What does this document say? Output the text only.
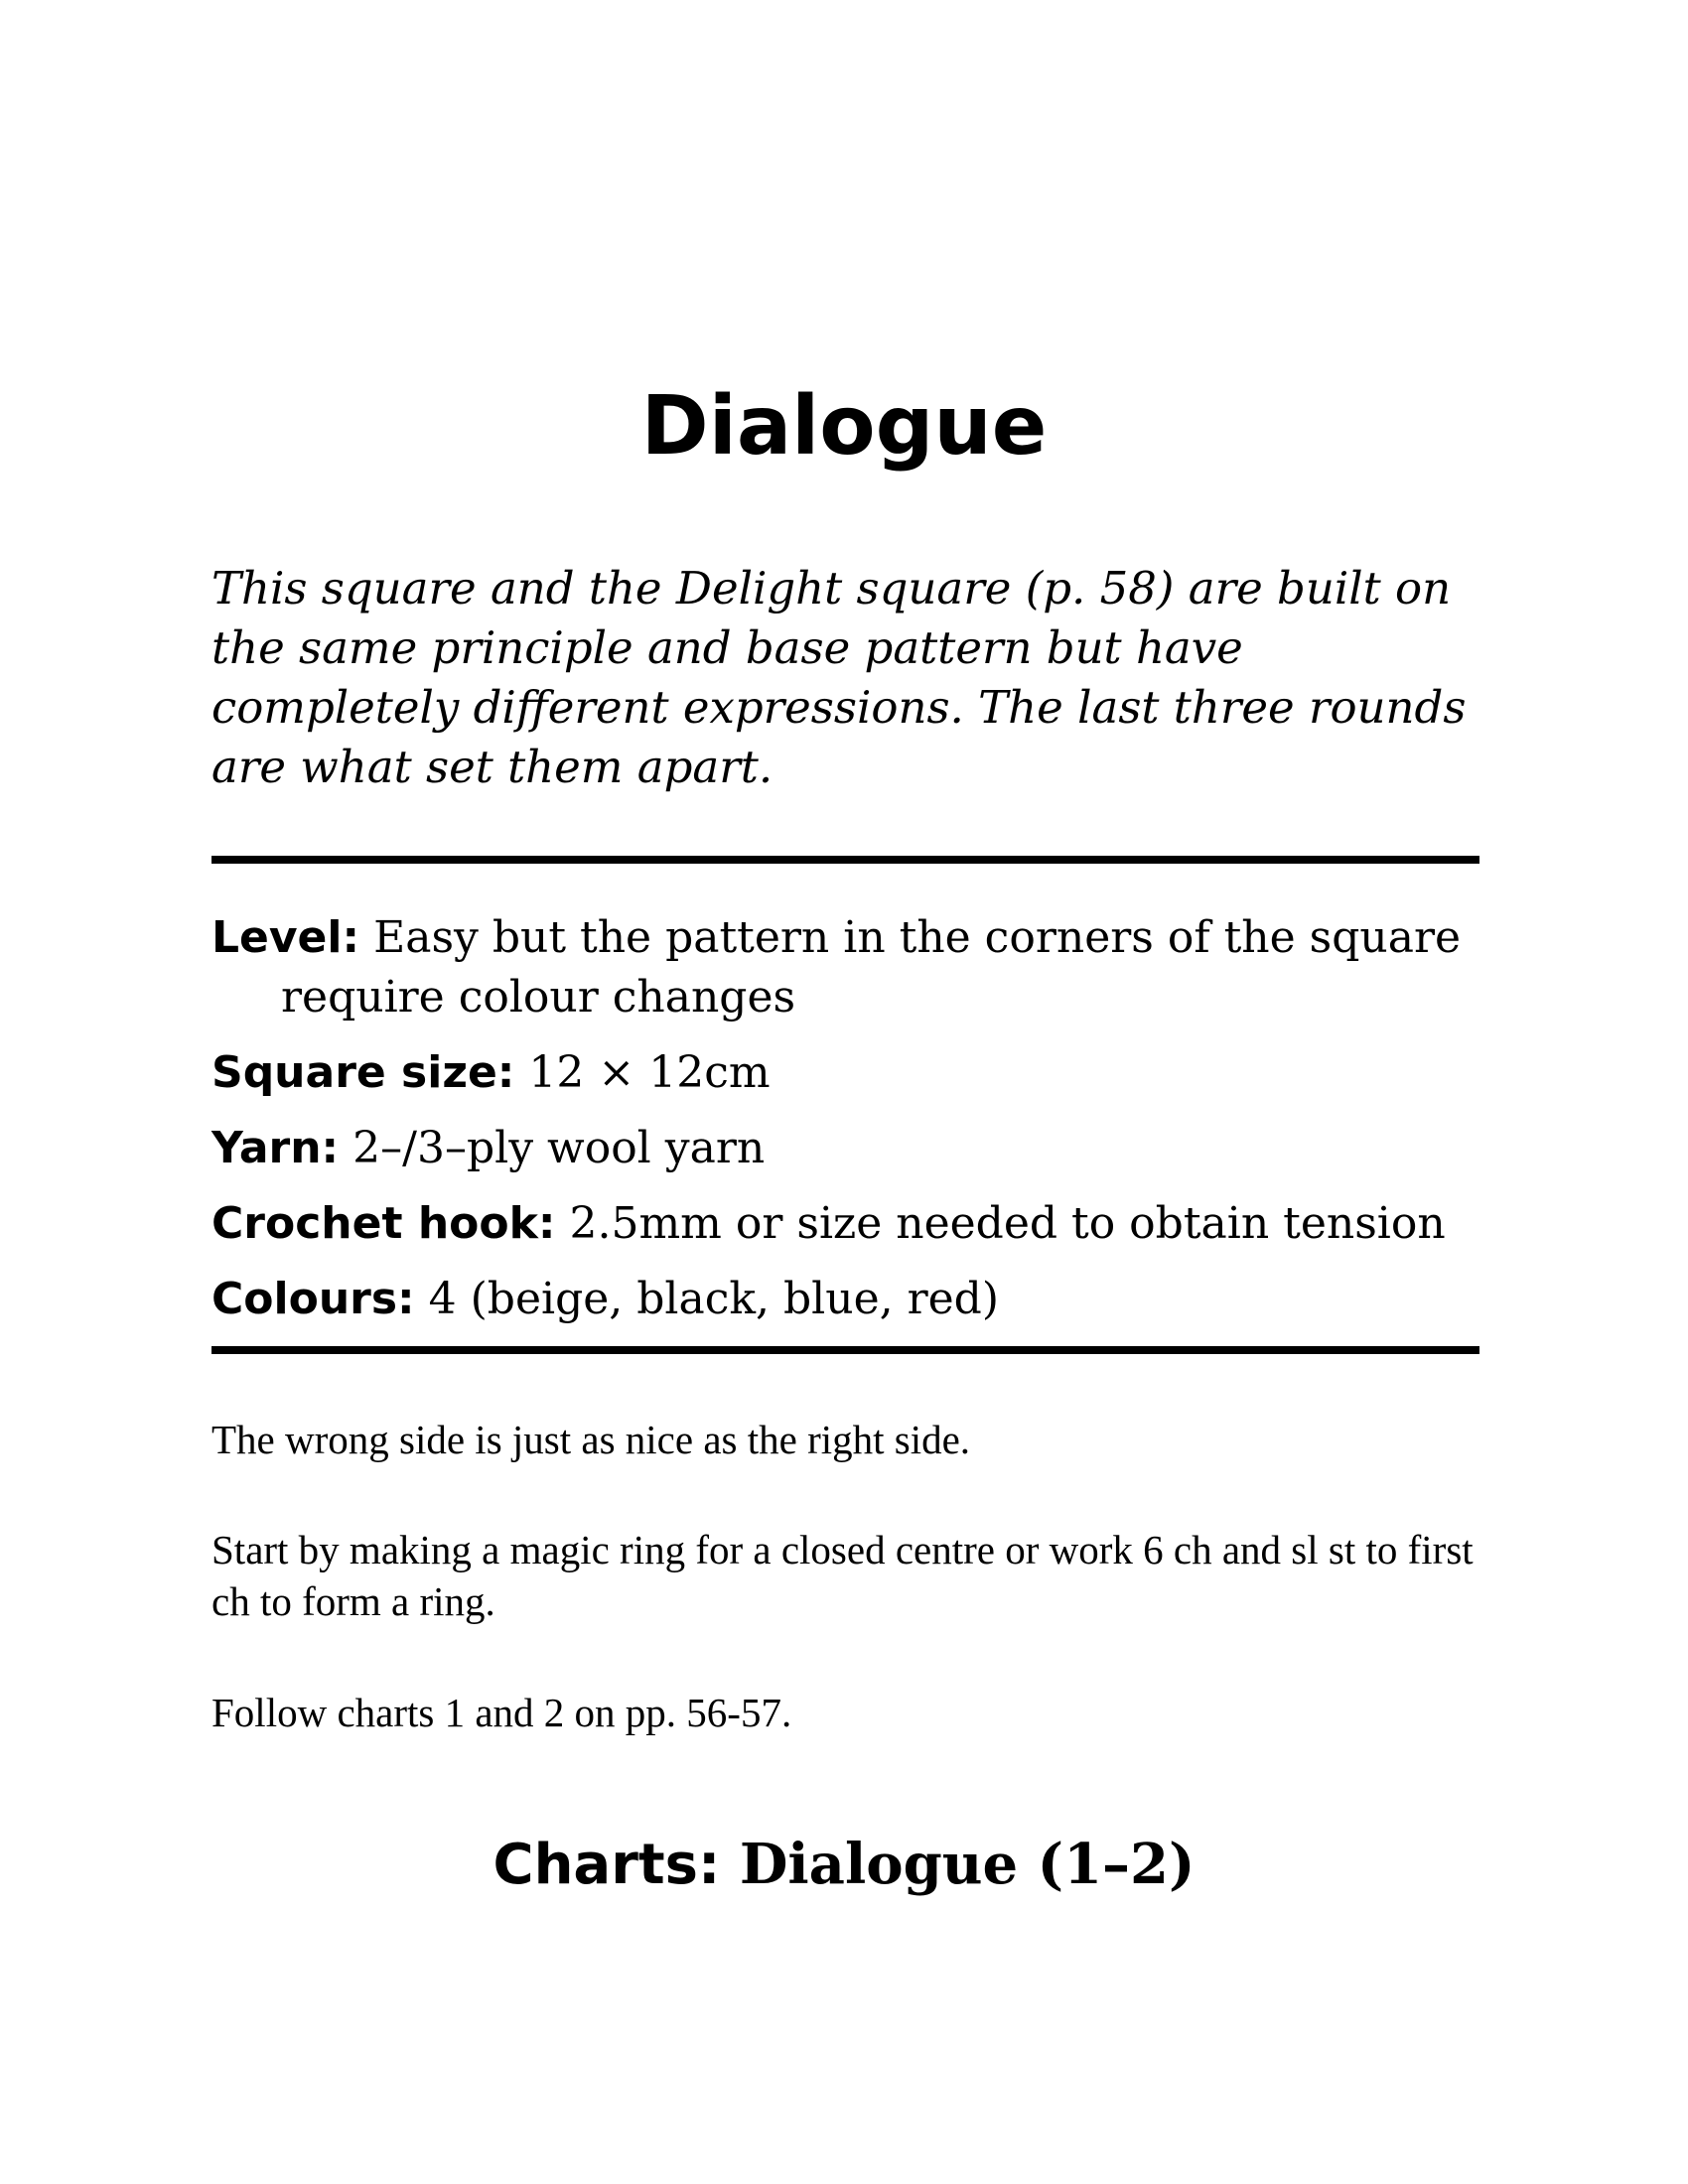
Dialogue

This square and the Delight square (p. 58) are built on the same principle and base pattern but have completely different expressions. The last three rounds are what set them apart.

Level: Easy but the pattern in the corners of the square require colour changes
Square size: 12 × 12cm
Yarn: 2–/3–ply wool yarn
Crochet hook: 2.5mm or size needed to obtain tension
Colours: 4 (beige, black, blue, red)

The wrong side is just as nice as the right side.

Start by making a magic ring for a closed centre or work 6 ch and sl st to first ch to form a ring.

Follow charts 1 and 2 on pp. 56-57.

Charts: Dialogue (1–2)
